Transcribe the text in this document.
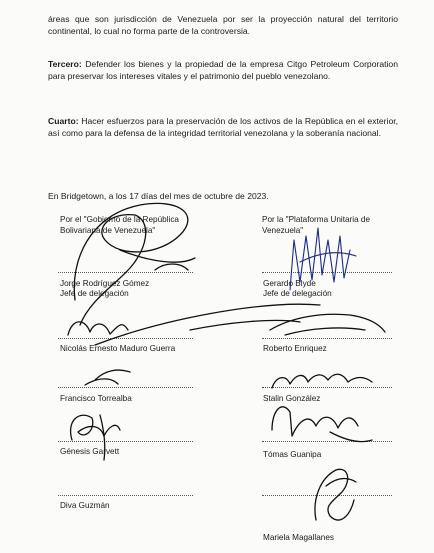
áreas que son jurisdicción de Venezuela por ser la proyección natural del territorio continental, lo cual no forma parte de la controversia.

Tercero: Defender los bienes y la propiedad de la empresa Citgo Petroleum Corporation para preservar los intereses vitales y el patrimonio del pueblo venezolano.

Cuarto: Hacer esfuerzos para la preservación de los activos de la República en el exterior, así como para la defensa de la integridad territorial venezolana y la soberanía nacional.

En Bridgetown, a los 17 días del mes de octubre de 2023.

Por el "Gobierno de la República Bolivariana de Venezuela"

Por la "Plataforma Unitaria de Venezuela"

Jorge Rodríguez Gómez

Jefe de delegación

Nicolás Ernesto Maduro Guerra

Francisco Torrealba

Génesis Garvett

Diva Guzmán

Gerardo Blyde

Jefe de delegación

Roberto Enriquez

Stalin González

Tómas Guanipa

Mariela Magallanes
